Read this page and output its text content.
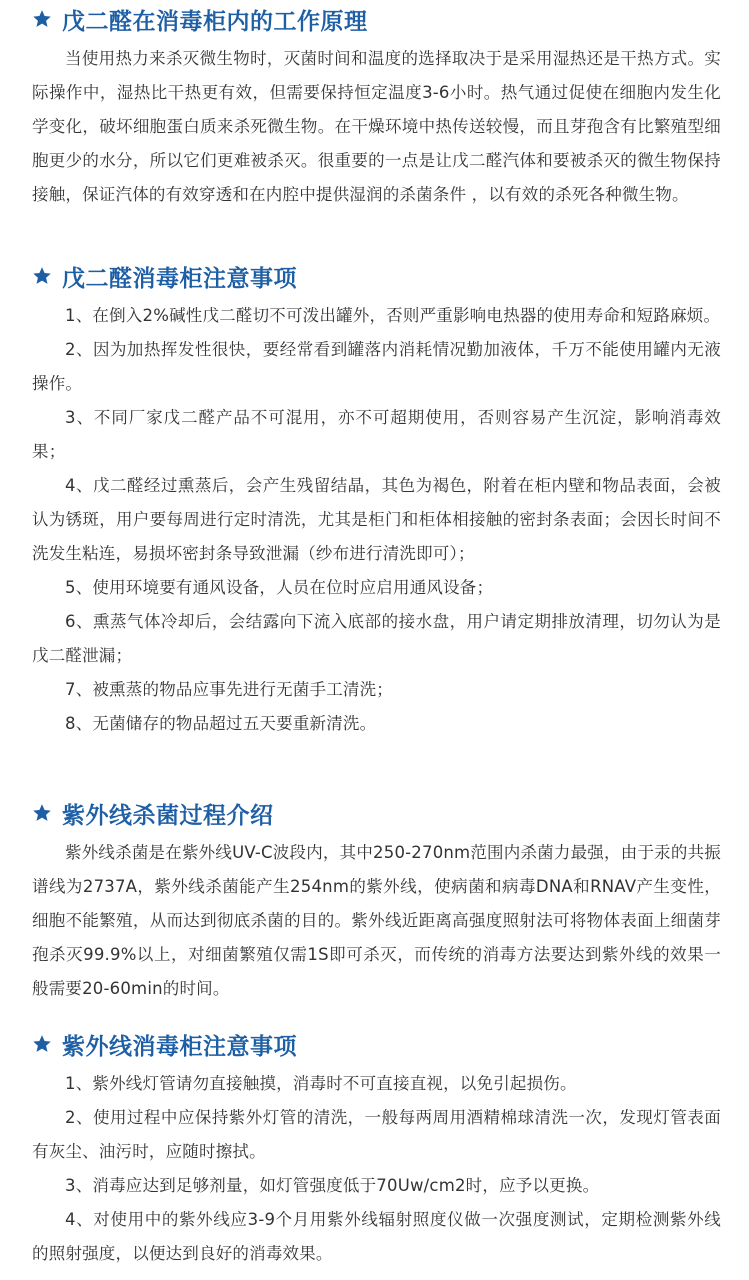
戊二醛在消毒柜内的工作原理

当使用热力来杀灭微生物时，灭菌时间和温度的选择取决于是采用湿热还是干热方式。实际操作中，湿热比干热更有效，但需要保持恒定温度3-6小时。热气通过促使在细胞内发生化学变化，破坏细胞蛋白质来杀死微生物。在干燥环境中热传送较慢，而且芽孢含有比繁殖型细胞更少的水分，所以它们更难被杀灭。很重要的一点是让戊二醛汽体和要被杀灭的微生物保持接触，保证汽体的有效穿透和在内腔中提供湿润的杀菌条件 ，以有效的杀死各种微生物。

戊二醛消毒柜注意事项

1、在倒入2%碱性戊二醛切不可泼出罐外，否则严重影响电热器的使用寿命和短路麻烦。

2、因为加热挥发性很快，要经常看到罐落内消耗情况勤加液体，千万不能使用罐内无液操作。

3、不同厂家戊二醛产品不可混用，亦不可超期使用，否则容易产生沉淀，影响消毒效果；

4、戊二醛经过熏蒸后，会产生残留结晶，其色为褐色，附着在柜内壁和物品表面，会被认为锈斑，用户要每周进行定时清洗，尤其是柜门和柜体相接触的密封条表面；会因长时间不洗发生粘连，易损坏密封条导致泄漏（纱布进行清洗即可）；

5、使用环境要有通风设备，人员在位时应启用通风设备；

6、熏蒸气体冷却后，会结露向下流入底部的接水盘，用户请定期排放清理，切勿认为是戊二醛泄漏；

7、被熏蒸的物品应事先进行无菌手工清洗；

8、无菌储存的物品超过五天要重新清洗。

紫外线杀菌过程介绍

紫外线杀菌是在紫外线UV-C波段内，其中250-270nm范围内杀菌力最强，由于汞的共振谱线为2737A，紫外线杀菌能产生254nm的紫外线，使病菌和病毒DNA和RNAV产生变性，细胞不能繁殖，从而达到彻底杀菌的目的。紫外线近距离高强度照射法可将物体表面上细菌芽孢杀灭99.9%以上，对细菌繁殖仅需1S即可杀灭，而传统的消毒方法要达到紫外线的效果一般需要20-60min的时间。

紫外线消毒柜注意事项

1、紫外线灯管请勿直接触摸，消毒时不可直接直视，以免引起损伤。

2、使用过程中应保持紫外灯管的清洗，一般每两周用酒精棉球清洗一次，发现灯管表面有灰尘、油污时，应随时擦拭。

3、消毒应达到足够剂量，如灯管强度低于70Uw/cm2时，应予以更换。

4、对使用中的紫外线应3-9个月用紫外线辐射照度仪做一次强度测试，定期检测紫外线的照射强度，以便达到良好的消毒效果。
